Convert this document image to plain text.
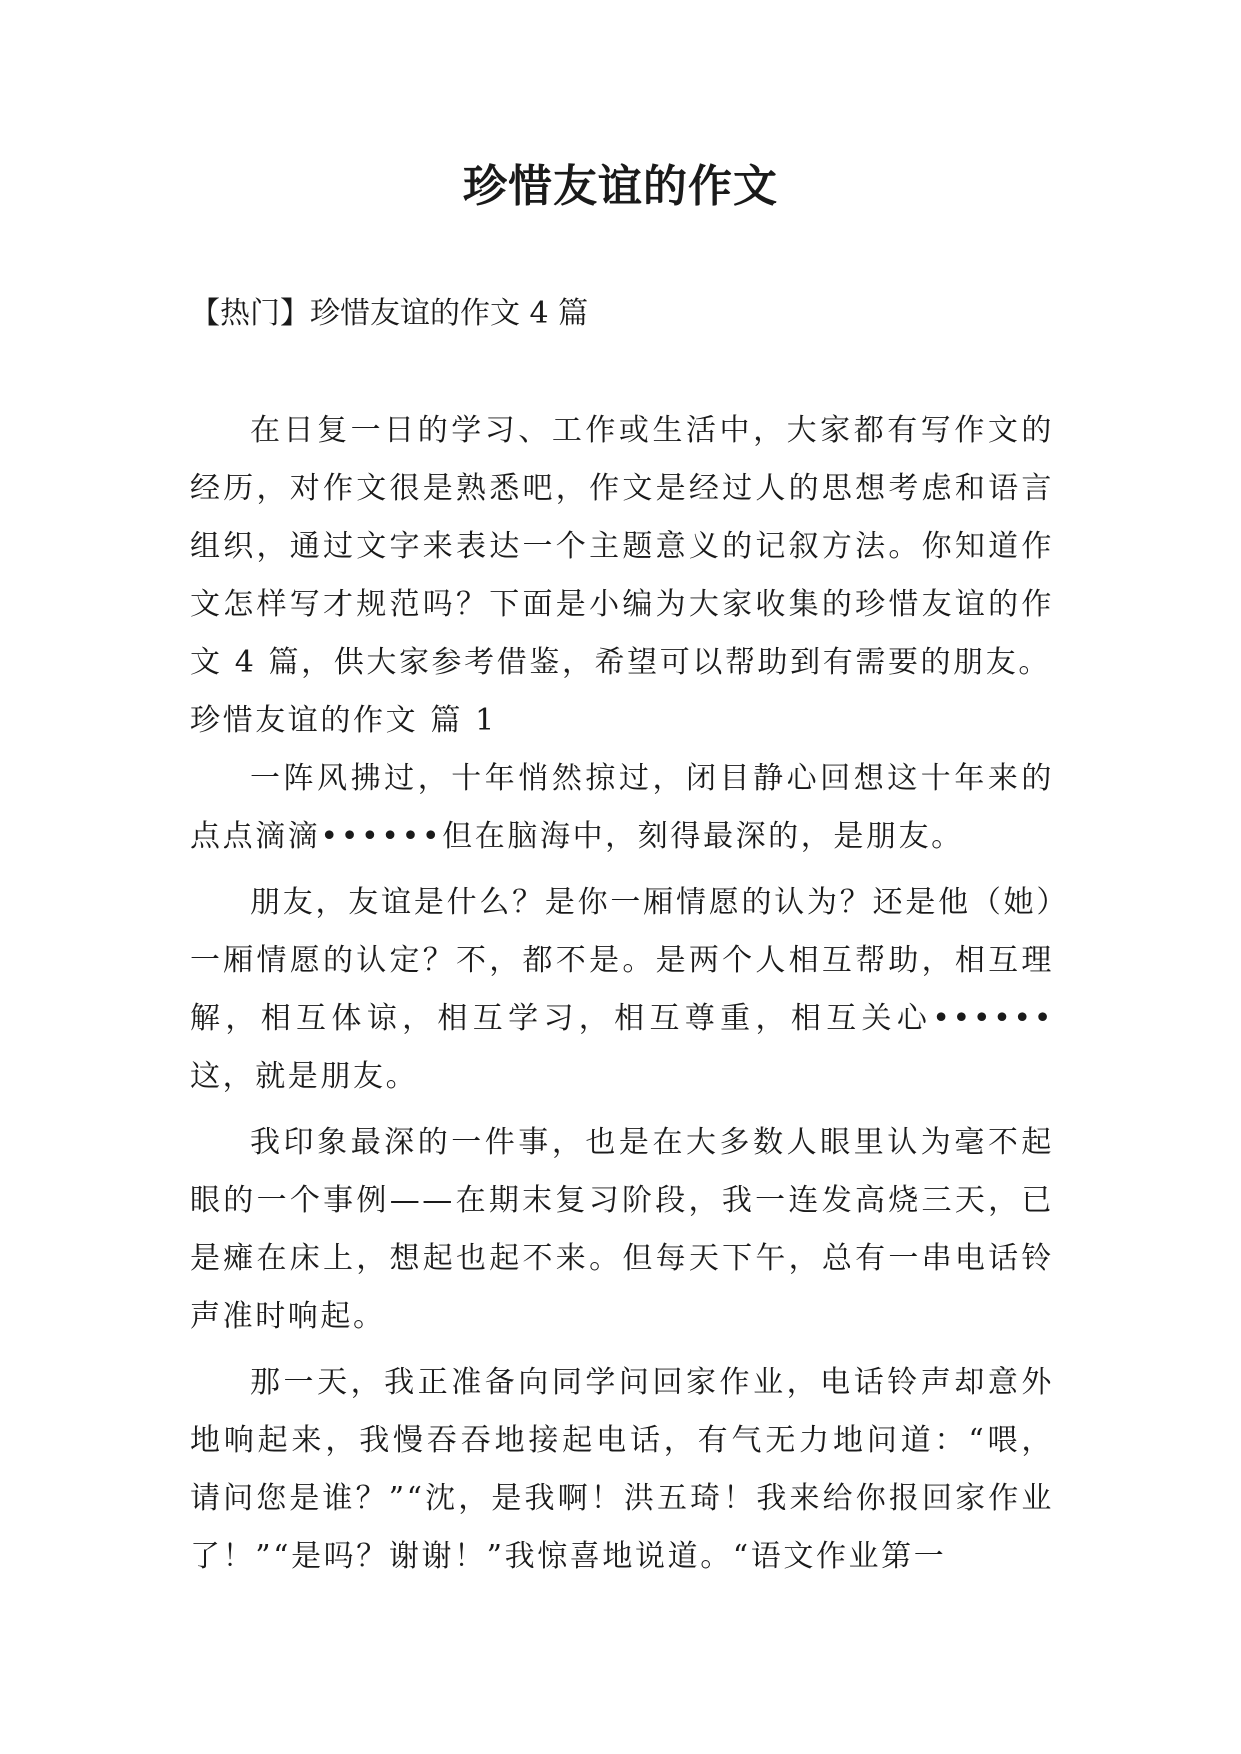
珍惜友谊的作文
【热门】珍惜友谊的作文 4 篇

在日复一日的学习、工作或生活中，大家都有写作文的经历，对作文很是熟悉吧，作文是经过人的思想考虑和语言组织，通过文字来表达一个主题意义的记叙方法。你知道作文怎样写才规范吗？下面是小编为大家收集的珍惜友谊的作文 4 篇，供大家参考借鉴，希望可以帮助到有需要的朋友。

珍惜友谊的作文 篇 1

一阵风拂过，十年悄然掠过，闭目静心回想这十年来的点点滴滴••••••但在脑海中，刻得最深的，是朋友。

朋友，友谊是什么？是你一厢情愿的认为？还是他（她）一厢情愿的认定？不，都不是。是两个人相互帮助，相互理解，相互体谅，相互学习，相互尊重，相互关心••••••这，就是朋友。

我印象最深的一件事，也是在大多数人眼里认为毫不起眼的一个事例——在期末复习阶段，我一连发高烧三天，已是瘫在床上，想起也起不来。但每天下午，总有一串电话铃声准时响起。

那一天，我正准备向同学问回家作业，电话铃声却意外地响起来，我慢吞吞地接起电话，有气无力地问道：“喂，请问您是谁？”“沈，是我啊！洪五琦！我来给你报回家作业了！”“是吗？谢谢！”我惊喜地说道。“语文作业第一
